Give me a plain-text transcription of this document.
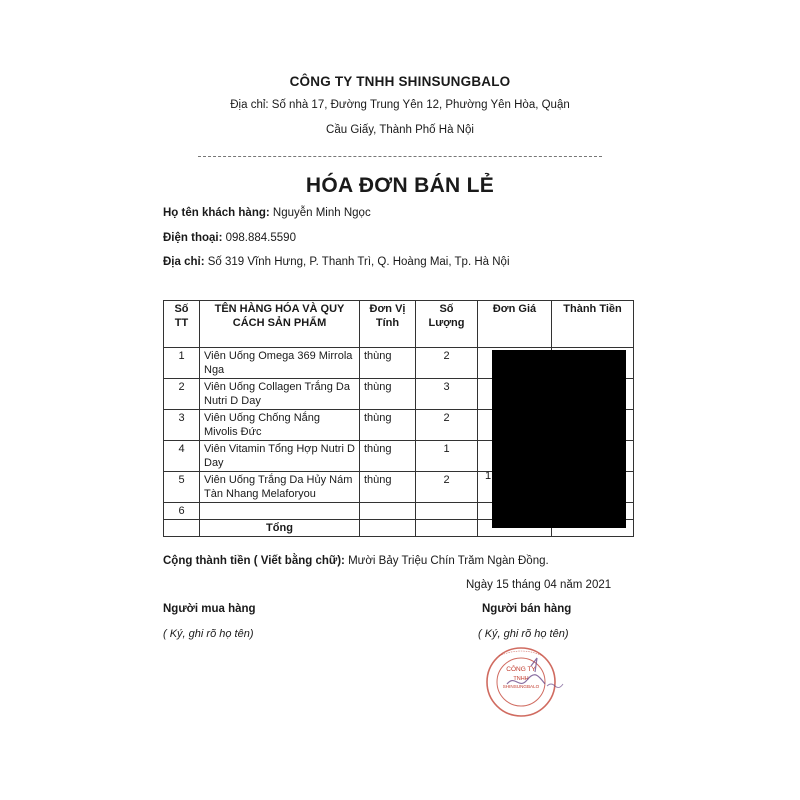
CÔNG TY TNHH SHINSUNGBALO
Địa chỉ: Số nhà 17, Đường Trung Yên 12, Phường Yên Hòa, Quận
Cầu Giấy, Thành Phố Hà Nội
HÓA ĐƠN BÁN LẺ
Họ tên khách hàng: Nguyễn Minh Ngọc
Điện thoại: 098.884.5590
Địa chỉ: Số 319 Vĩnh Hưng, P. Thanh Trì, Q. Hoàng Mai, Tp. Hà Nội
Số TT	TÊN HÀNG HÓA VÀ QUY CÁCH SẢN PHẨM	Đơn Vị Tính	Số Lượng	Đơn Giá	Thành Tiền
1	Viên Uống Omega 369 Mirrola Nga	thùng	2		
2	Viên Uống Collagen Trắng Da Nutri D Day	thùng	3		
3	Viên Uống Chống Nắng Mivolis Đức	thùng	2		
4	Viên Vitamin Tổng Hợp Nutri D Day	thùng	1		
5	Viên Uống Trắng Da Hủy Nám Tàn Nhang Melaforyou	thùng	2		
6					
	Tổng				
1
Cộng thành tiền ( Viết bằng chữ): Mười Bảy Triệu Chín Trăm Ngàn Đồng.
Ngày 15 tháng 04 năm 2021
Người mua hàng	Người bán hàng
( Ký, ghi rõ họ tên)	( Ký, ghi rõ họ tên)
CÔNG TY
TNHH
SHINSUNGBALO
